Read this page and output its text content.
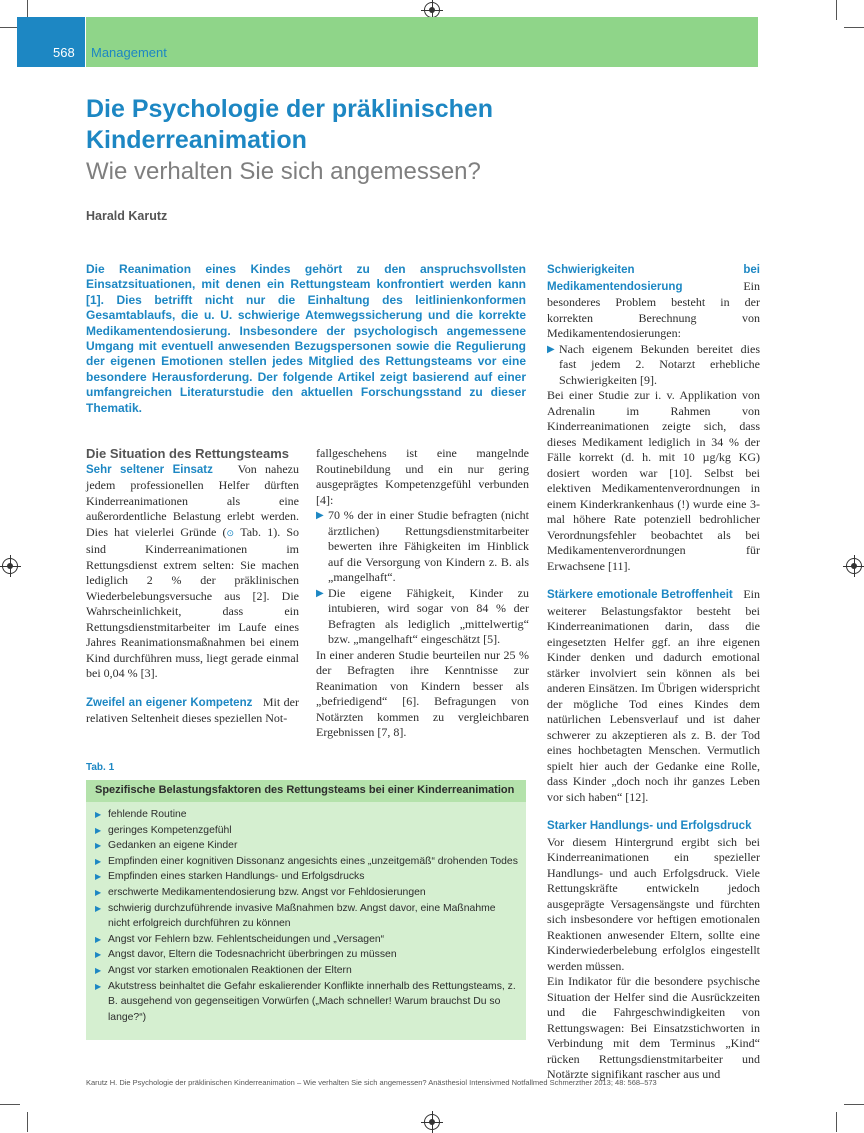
568 Management
Die Psychologie der präklinischen Kinderreanimation
Wie verhalten Sie sich angemessen?
Harald Karutz
Die Reanimation eines Kindes gehört zu den anspruchsvollsten Einsatzsituationen, mit denen ein Rettungsteam konfrontiert werden kann [1]. Dies betrifft nicht nur die Einhaltung des leitlinienkonformen Gesamtablaufs, die u. U. schwierige Atemwegssicherung und die korrekte Medikamentendosierung. Insbesondere der psychologisch angemessene Umgang mit eventuell anwesenden Bezugspersonen sowie die Regulierung der eigenen Emotionen stellen jedes Mitglied des Rettungsteams vor eine besondere Herausforderung. Der folgende Artikel zeigt basierend auf einer umfangreichen Literaturstudie den aktuellen Forschungsstand zu dieser Thematik.

Die Situation des Rettungsteams

Sehr seltener Einsatz Von nahezu jedem professionellen Helfer dürften Kinderreanimationen als eine außerordentliche Belastung erlebt werden. Dies hat vielerlei Gründe (⊙ Tab. 1). So sind Kinderreanimationen im Rettungsdienst extrem selten: Sie machen lediglich 2 % der präklinischen Wiederbelebungsversuche aus [2]. Die Wahrscheinlichkeit, dass ein Rettungsdienstmitarbeiter im Laufe eines Jahres Reanimationsmaßnahmen bei einem Kind durchführen muss, liegt gerade einmal bei 0,04 % [3].

Zweifel an eigener Kompetenz Mit der relativen Seltenheit dieses speziellen Not-

fallgeschehens ist eine mangelnde Routinebildung und ein nur gering ausgeprägtes Kompetenzgefühl verbunden [4]:

▶ 70 % der in einer Studie befragten (nicht ärztlichen) Rettungsdienstmitarbeiter bewerten ihre Fähigkeiten im Hinblick auf die Versorgung von Kindern z. B. als „mangelhaft“.
▶ Die eigene Fähigkeit, Kinder zu intubieren, wird sogar von 84 % der Befragten als lediglich „mittelwertig“ bzw. „mangelhaft“ eingeschätzt [5].

In einer anderen Studie beurteilen nur 25 % der Befragten ihre Kenntnisse zur Reanimation von Kindern besser als „befriedigend“ [6]. Befragungen von Notärzten kommen zu vergleichbaren Ergebnissen [7, 8].

Schwierigkeiten bei Medikamentendosierung	Ein besonderes Problem besteht in der korrekten Berechnung von Medikamentendosierungen:

▶ Nach eigenem Bekunden bereitet dies fast jedem 2. Notarzt erhebliche Schwierigkeiten [9].

Bei einer Studie zur i. v. Applikation von Adrenalin im Rahmen von Kinderreanimationen zeigte sich, dass dieses Medikament lediglich in 34 % der Fälle korrekt (d. h. mit 10 µg/kg KG) dosiert worden war [10]. Selbst bei elektiven Medikamentenverordnungen in einem Kinderkrankenhaus (!) wurde eine 3-mal höhere Rate potenziell bedrohlicher Verordnungsfehler beobachtet als bei Medikamentenverordnungen für Erwachsene [11].

Stärkere emotionale Betroffenheit Ein weiterer Belastungsfaktor besteht bei Kinderreanimationen darin, dass die eingesetzten Helfer ggf. an ihre eigenen Kinder denken und dadurch emotional stärker involviert sein können als bei anderen Einsätzen. Im Übrigen widerspricht der mögliche Tod eines Kindes dem natürlichen Lebensverlauf und ist daher schwerer zu akzeptieren als z. B. der Tod eines hochbetagten Menschen. Vermutlich spielt hier auch der Gedanke eine Rolle, dass Kinder „doch noch ihr ganzes Leben vor sich haben“ [12].

Starker Handlungs- und Erfolgsdruck
Vor diesem Hintergrund ergibt sich bei Kinderreanimationen ein spezieller Handlungs- und auch Erfolgsdruck. Viele Rettungskräfte entwickeln jedoch ausgeprägte Versagensängste und fürchten sich insbesondere vor heftigen emotionalen Reaktionen anwesender Eltern, sollte eine Kinderwiederbelebung erfolglos eingestellt werden müssen.

Ein Indikator für die besondere psychische Situation der Helfer sind die Ausrückzeiten und die Fahrgeschwindigkeiten von Rettungswagen: Bei Einsatzstichworten in Verbindung mit dem Terminus „Kind“ rücken Rettungsdienstmitarbeiter und Notärzte signifikant rascher aus und

Tab. 1
Spezifische Belastungsfaktoren des Rettungsteams bei einer Kinderreanimation
▶ fehlende Routine
▶ geringes Kompetenzgefühl
▶ Gedanken an eigene Kinder
▶ Empfinden einer kognitiven Dissonanz angesichts eines „unzeitgemäß“ drohenden Todes
▶ Empfinden eines starken Handlungs- und Erfolgsdrucks
▶ erschwerte Medikamentendosierung bzw. Angst vor Fehldosierungen
▶ schwierig durchzuführende invasive Maßnahmen bzw. Angst davor, eine Maßnahme nicht erfolgreich durchführen zu können
▶ Angst vor Fehlern bzw. Fehlentscheidungen und „Versagen“
▶ Angst davor, Eltern die Todesnachricht überbringen zu müssen
▶ Angst vor starken emotionalen Reaktionen der Eltern
▶ Akutstress beinhaltet die Gefahr eskalierender Konflikte innerhalb des Rettungsteams, z. B. ausgehend von gegenseitigen Vorwürfen („Mach schneller! Warum brauchst Du so lange?“)
Karutz H. Die Psychologie der präklinischen Kinderreanimation – Wie verhalten Sie sich angemessen? Anästhesiol Intensivmed Notfallmed Schmerzther 2013; 48: 568–573
